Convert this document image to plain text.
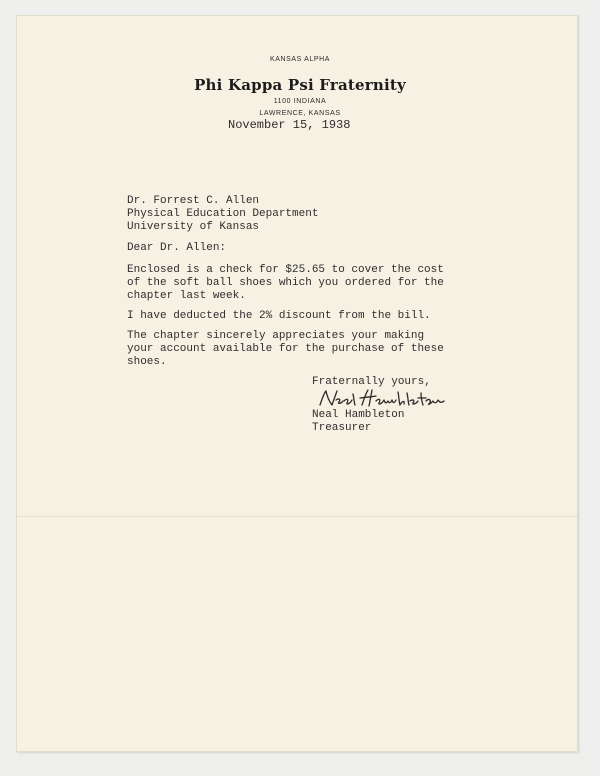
KANSAS ALPHA
Phi Kappa Psi Fraternity
1100 INDIANA
LAWRENCE, KANSAS
November 15, 1938
Dr. Forrest C. Allen
Physical Education Department
University of Kansas
Dear Dr. Allen:
Enclosed is a check for $25.65 to cover the cost
of the soft ball shoes which you ordered for the
chapter last week.
I have deducted the 2% discount from the bill.
The chapter sincerely appreciates your making
your account available for the purchase of these
shoes.
Fraternally yours,
Neal Hambleton
Treasurer
